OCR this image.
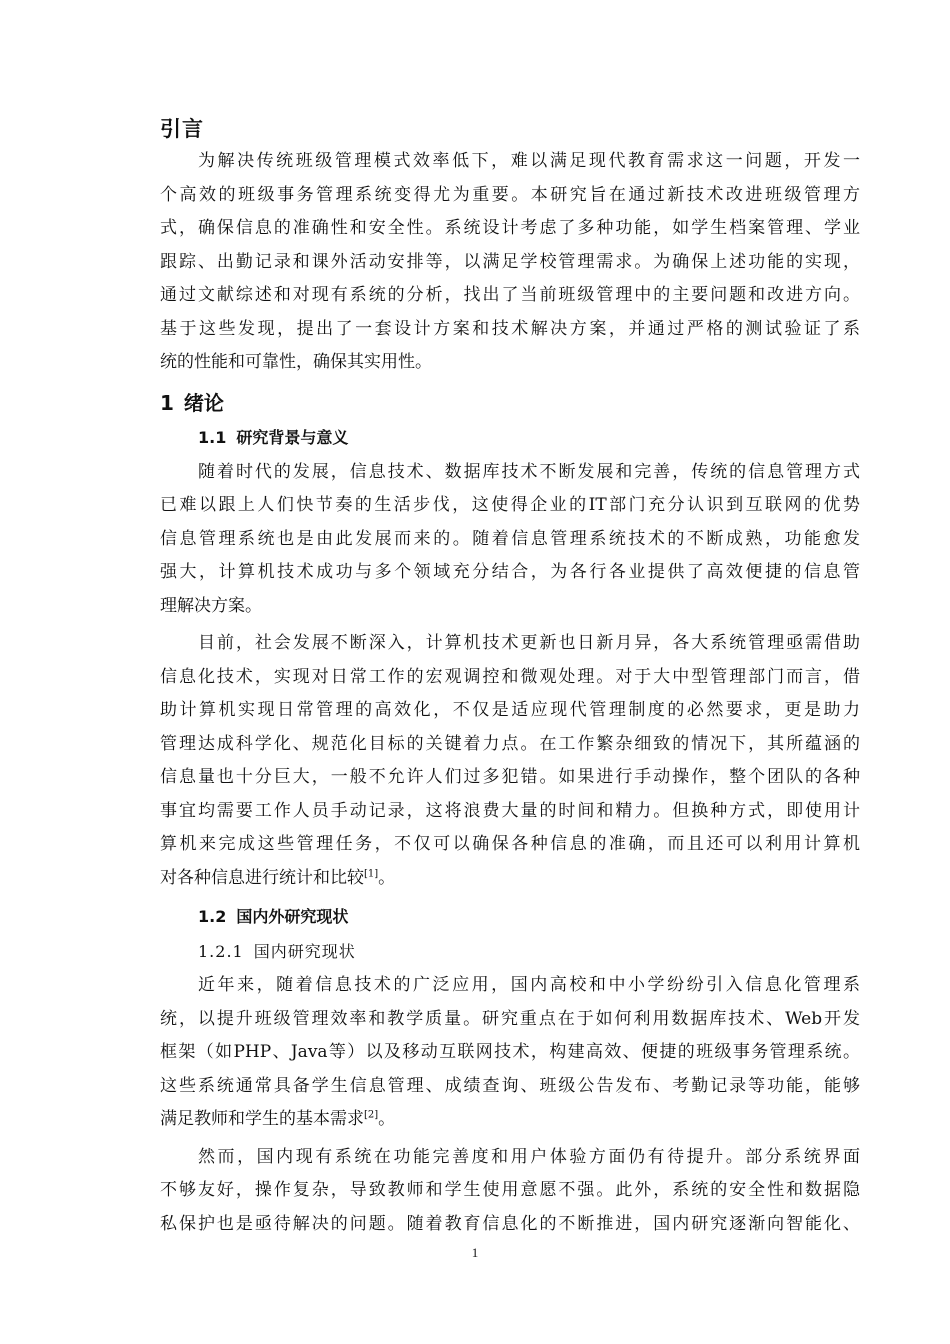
引言
为解决传统班级管理模式效率低下，难以满足现代教育需求这一问题，开发一
个高效的班级事务管理系统变得尤为重要。本研究旨在通过新技术改进班级管理方
式，确保信息的准确性和安全性。系统设计考虑了多种功能，如学生档案管理、学业
跟踪、出勤记录和课外活动安排等，以满足学校管理需求。为确保上述功能的实现，
通过文献综述和对现有系统的分析，找出了当前班级管理中的主要问题和改进方向。
基于这些发现，提出了一套设计方案和技术解决方案，并通过严格的测试验证了系
统的性能和可靠性，确保其实用性。
1 绪论
1.1 研究背景与意义
随着时代的发展，信息技术、数据库技术不断发展和完善，传统的信息管理方式
已难以跟上人们快节奏的生活步伐，这使得企业的IT部门充分认识到互联网的优势
信息管理系统也是由此发展而来的。随着信息管理系统技术的不断成熟，功能愈发
强大，计算机技术成功与多个领域充分结合，为各行各业提供了高效便捷的信息管
理解决方案。
目前，社会发展不断深入，计算机技术更新也日新月异，各大系统管理亟需借助
信息化技术，实现对日常工作的宏观调控和微观处理。对于大中型管理部门而言，借
助计算机实现日常管理的高效化，不仅是适应现代管理制度的必然要求，更是助力
管理达成科学化、规范化目标的关键着力点。在工作繁杂细致的情况下，其所蕴涵的
信息量也十分巨大，一般不允许人们过多犯错。如果进行手动操作，整个团队的各种
事宜均需要工作人员手动记录，这将浪费大量的时间和精力。但换种方式，即使用计
算机来完成这些管理任务，不仅可以确保各种信息的准确，而且还可以利用计算机
对各种信息进行统计和比较[1]。
1.2 国内外研究现状
1.2.1 国内研究现状
近年来，随着信息技术的广泛应用，国内高校和中小学纷纷引入信息化管理系
统，以提升班级管理效率和教学质量。研究重点在于如何利用数据库技术、Web开发
框架（如PHP、Java等）以及移动互联网技术，构建高效、便捷的班级事务管理系统。
这些系统通常具备学生信息管理、成绩查询、班级公告发布、考勤记录等功能，能够
满足教师和学生的基本需求[2]。
然而，国内现有系统在功能完善度和用户体验方面仍有待提升。部分系统界面
不够友好，操作复杂，导致教师和学生使用意愿不强。此外，系统的安全性和数据隐
私保护也是亟待解决的问题。随着教育信息化的不断推进，国内研究逐渐向智能化、
1
